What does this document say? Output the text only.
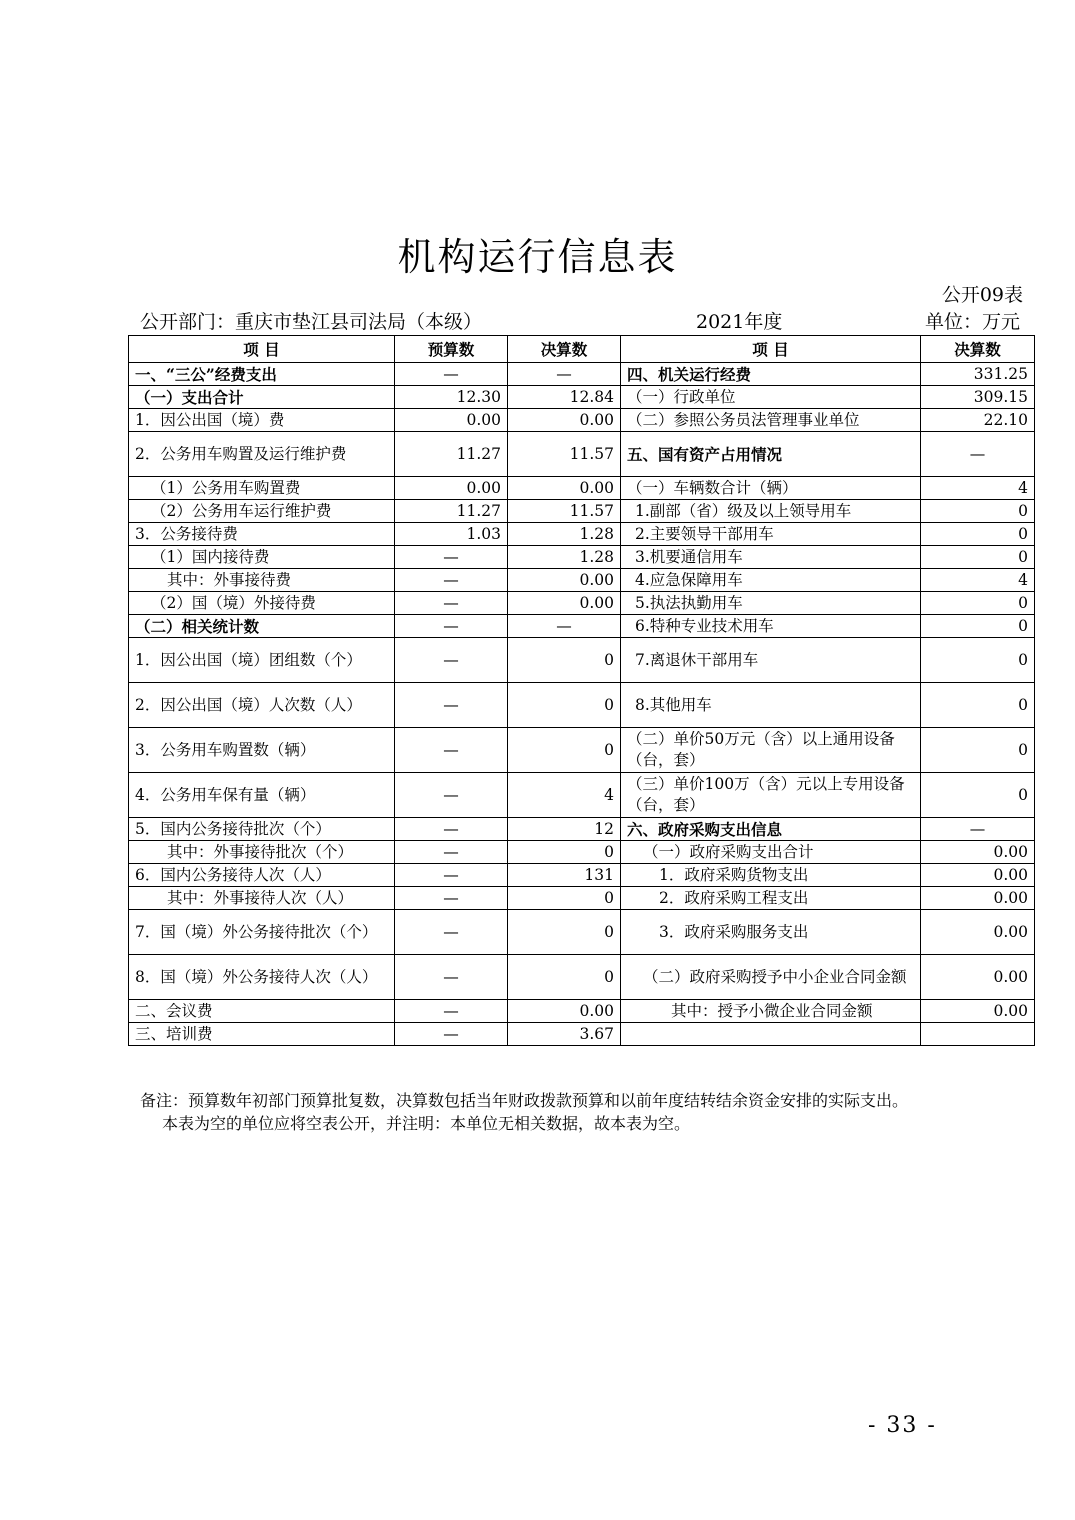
机构运行信息表
公开09表
公开部门：重庆市垫江县司法局（本级）	2021年度	单位：万元
项 目	预算数	决算数	项 目	决算数
一、“三公”经费支出	—	—	四、机关运行经费	331.25
（一）支出合计	12.30	12.84	（一）行政单位	309.15
1．因公出国（境）费	0.00	0.00	（二）参照公务员法管理事业单位	22.10
2．公务用车购置及运行维护费	11.27	11.57	五、国有资产占用情况	—
（1）公务用车购置费	0.00	0.00	（一）车辆数合计（辆）	4
（2）公务用车运行维护费	11.27	11.57	1.副部（省）级及以上领导用车	0
3．公务接待费	1.03	1.28	2.主要领导干部用车	0
（1）国内接待费	—	1.28	3.机要通信用车	0
其中：外事接待费	—	0.00	4.应急保障用车	4
（2）国（境）外接待费	—	0.00	5.执法执勤用车	0
（二）相关统计数	—	—	6.特种专业技术用车	0
1．因公出国（境）团组数（个）	—	0	7.离退休干部用车	0
2．因公出国（境）人次数（人）	—	0	8.其他用车	0
3．公务用车购置数（辆）	—	0	（二）单价50万元（含）以上通用设备（台，套）	0
4．公务用车保有量（辆）	—	4	（三）单价100万（含）元以上专用设备（台，套）	0
5．国内公务接待批次（个）	—	12	六、政府采购支出信息	—
其中：外事接待批次（个）	—	0	（一）政府采购支出合计	0.00
6．国内公务接待人次（人）	—	131	1．政府采购货物支出	0.00
其中：外事接待人次（人）	—	0	2．政府采购工程支出	0.00
7．国（境）外公务接待批次（个）	—	0	3．政府采购服务支出	0.00
8．国（境）外公务接待人次（人）	—	0	（二）政府采购授予中小企业合同金额	0.00
二、会议费	—	0.00	其中：授予小微企业合同金额	0.00
三、培训费	—	3.67		
备注：预算数年初部门预算批复数，决算数包括当年财政拨款预算和以前年度结转结余资金安排的实际支出。
本表为空的单位应将空表公开，并注明：本单位无相关数据，故本表为空。
- 33 -
